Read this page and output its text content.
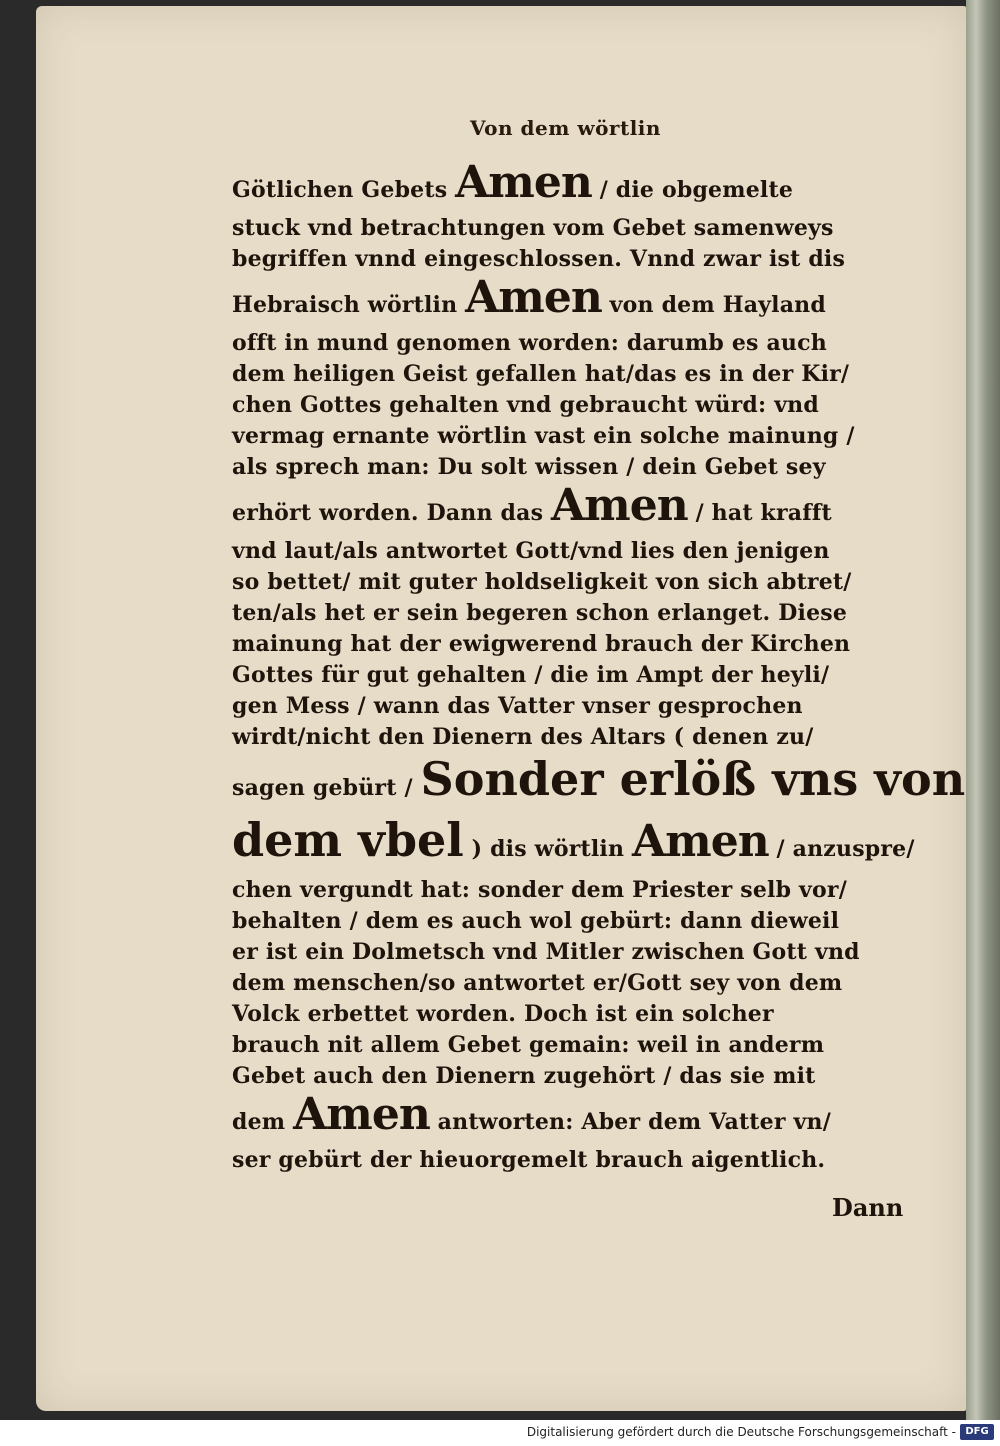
Von dem wörtlin
Götlichen Gebets Amen / die obgemelte
stuck vnd betrachtungen vom Gebet samenweys
begriffen vnnd eingeschlossen. Vnnd zwar ist dis
Hebraisch wörtlin Amen von dem Hayland
offt in mund genomen worden: darumb es auch
dem heiligen Geist gefallen hat/das es in der Kir/
chen Gottes gehalten vnd gebraucht würd: vnd
vermag ernante wörtlin vast ein solche mainung /
als sprech man: Du solt wissen / dein Gebet sey
erhört worden. Dann das Amen / hat krafft
vnd laut/als antwortet Gott/vnd lies den jenigen
so bettet/ mit guter holdseligkeit von sich abtret/
ten/als het er sein begeren schon erlanget. Diese
mainung hat der ewigwerend brauch der Kirchen
Gottes für gut gehalten / die im Ampt der heyli/
gen Mess / wann das Vatter vnser gesprochen
wirdt/nicht den Dienern des Altars ( denen zu/
sagen gebürt / Sonder erlöß vns von
dem vbel ) dis wörtlin Amen / anzuspre/
chen vergundt hat: sonder dem Priester selb vor/
behalten / dem es auch wol gebürt: dann dieweil
er ist ein Dolmetsch vnd Mitler zwischen Gott vnd
dem menschen/so antwortet er/Gott sey von dem
Volck erbettet worden. Doch ist ein solcher
brauch nit allem Gebet gemain: weil in anderm
Gebet auch den Dienern zugehört / das sie mit
dem Amen antworten: Aber dem Vatter vn/
ser gebürt der hieuorgemelt brauch aigentlich.
Dann
Digitalisierung gefördert durch die Deutsche Forschungsgemeinschaft - DFG
